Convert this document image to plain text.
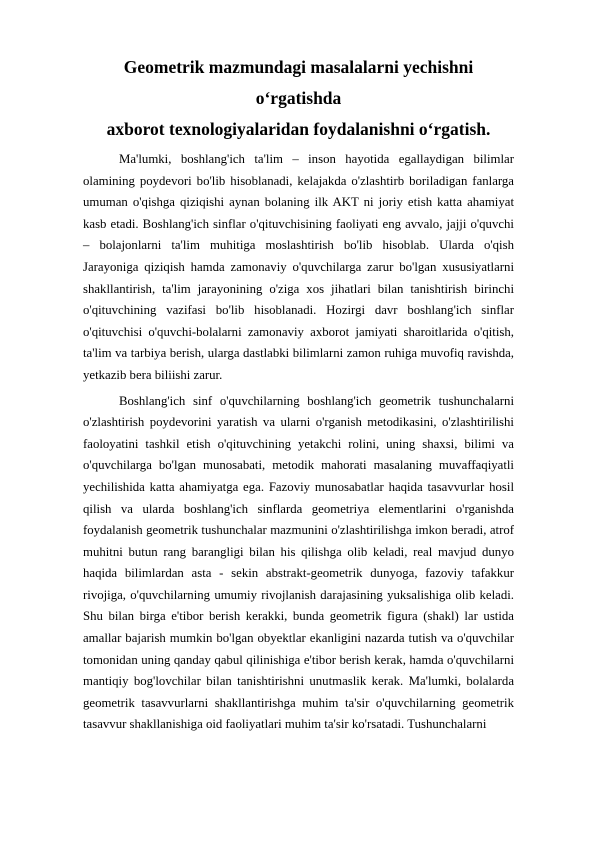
Geometrik mazmundagi masalalarni yechishni o‘rgatishda
axborot texnologiyalaridan foydalanishni o‘rgatish.

Ma'lumki, boshlang'ich ta'lim – inson hayotida egallaydigan bilimlar olamining poydevori bo'lib hisoblanadi, kelajakda o'zlashtirb boriladigan fanlarga umuman o'qishga qiziqishi aynan bolaning ilk AKT ni joriy etish katta ahamiyat kasb etadi. Boshlang'ich sinflar o'qituvchisining faoliyati eng avvalo, jajji o'quvchi – bolajonlarni ta'lim muhitiga moslashtirish bo'lib hisoblab. Ularda o'qish Jarayoniga qiziqish hamda zamonaviy o'quvchilarga zarur bo'lgan xususiyatlarni shakllantirish, ta'lim jarayonining o'ziga xos jihatlari bilan tanishtirish birinchi o'qituvchining vazifasi bo'lib hisoblanadi. Hozirgi davr boshlang'ich sinflar o'qituvchisi o'quvchi-bolalarni zamonaviy axborot jamiyati sharoitlarida o'qitish, ta'lim va tarbiya berish, ularga dastlabki bilimlarni zamon ruhiga muvofiq ravishda, yetkazib bera biliishi zarur.

Boshlang'ich sinf o'quvchilarning boshlang'ich geometrik tushunchalarni o'zlashtirish poydevorini yaratish va ularni o'rganish metodikasini, o'zlashtirilishi faoloyatini tashkil etish o'qituvchining yetakchi rolini, uning shaxsi, bilimi va o'quvchilarga bo'lgan munosabati, metodik mahorati masalaning muvaffaqiyatli yechilishida katta ahamiyatga ega. Fazoviy munosabatlar haqida tasavvurlar hosil qilish va ularda boshlang'ich sinflarda geometriya elementlarini o'rganishda foydalanish geometrik tushunchalar mazmunini o'zlashtirilishga imkon beradi, atrof muhitni butun rang barangligi bilan his qilishga olib keladi, real mavjud dunyo haqida bilimlardan asta - sekin abstrakt-geometrik dunyoga, fazoviy tafakkur rivojiga, o'quvchilarning umumiy rivojlanish darajasining yuksalishiga olib keladi. Shu bilan birga e'tibor berish kerakki, bunda geometrik figura (shakl) lar ustida amallar bajarish mumkin bo'lgan obyektlar ekanligini nazarda tutish va o'quvchilar tomonidan uning qanday qabul qilinishiga e'tibor berish kerak, hamda o'quvchilarni mantiqiy bog'lovchilar bilan tanishtirishni unutmaslik kerak. Ma'lumki, bolalarda geometrik tasavvurlarni shakllantirishga muhim ta'sir o'quvchilarning geometrik tasavvur shakllanishiga oid faoliyatlari muhim ta'sir ko'rsatadi. Tushunchalarni
